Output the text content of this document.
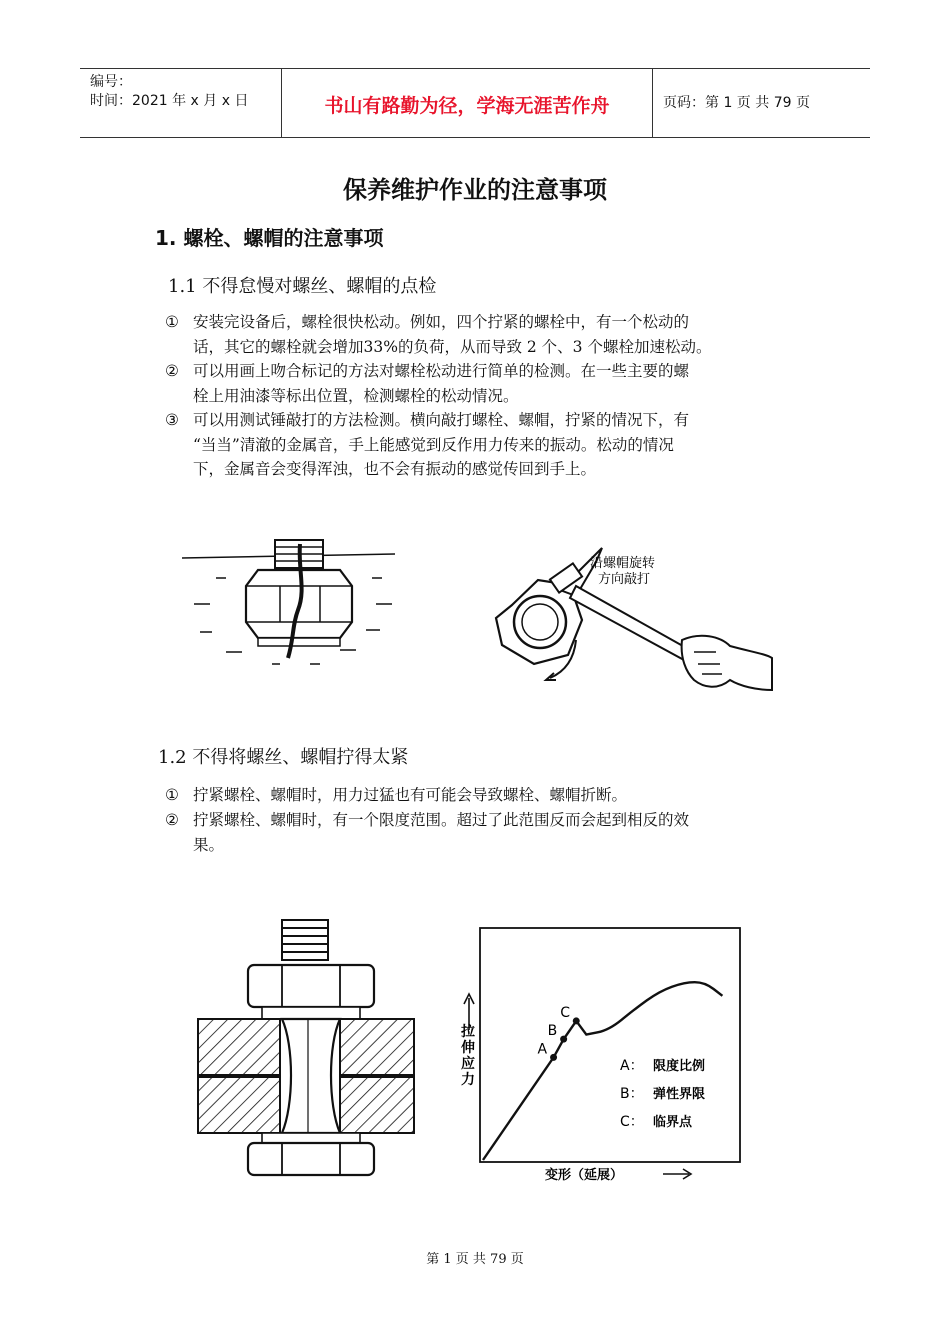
编号：
时间：2021 年 x 月 x 日	书山有路勤为径，学海无涯苦作舟	页码：第 1 页 共 79 页
保养维护作业的注意事项
1. 螺栓、螺帽的注意事项
1.1 不得怠慢对螺丝、螺帽的点检
① 安装完设备后，螺栓很快松动。例如，四个拧紧的螺栓中，有一个松动的
话，其它的螺栓就会增加33%的负荷，从而导致 2 个、3 个螺栓加速松动。
② 可以用画上吻合标记的方法对螺栓松动进行简单的检测。在一些主要的螺
栓上用油漆等标出位置，检测螺栓的松动情况。
③ 可以用测试锤敲打的方法检测。横向敲打螺栓、螺帽，拧紧的情况下，有
“当当”清澈的金属音，手上能感觉到反作用力传来的振动。松动的情况
下，金属音会变得浑浊，也不会有振动的感觉传回到手上。
沿螺帽旋转
方向敲打
1.2 不得将螺丝、螺帽拧得太紧
① 拧紧螺栓、螺帽时，用力过猛也有可能会导致螺栓、螺帽折断。
② 拧紧螺栓、螺帽时，有一个限度范围。超过了此范围反而会起到相反的效
果。
拉伸应力
变形（延展）
A
B
C
A： 限度比例
B： 弹性界限
C： 临界点
第 1 页 共 79 页
